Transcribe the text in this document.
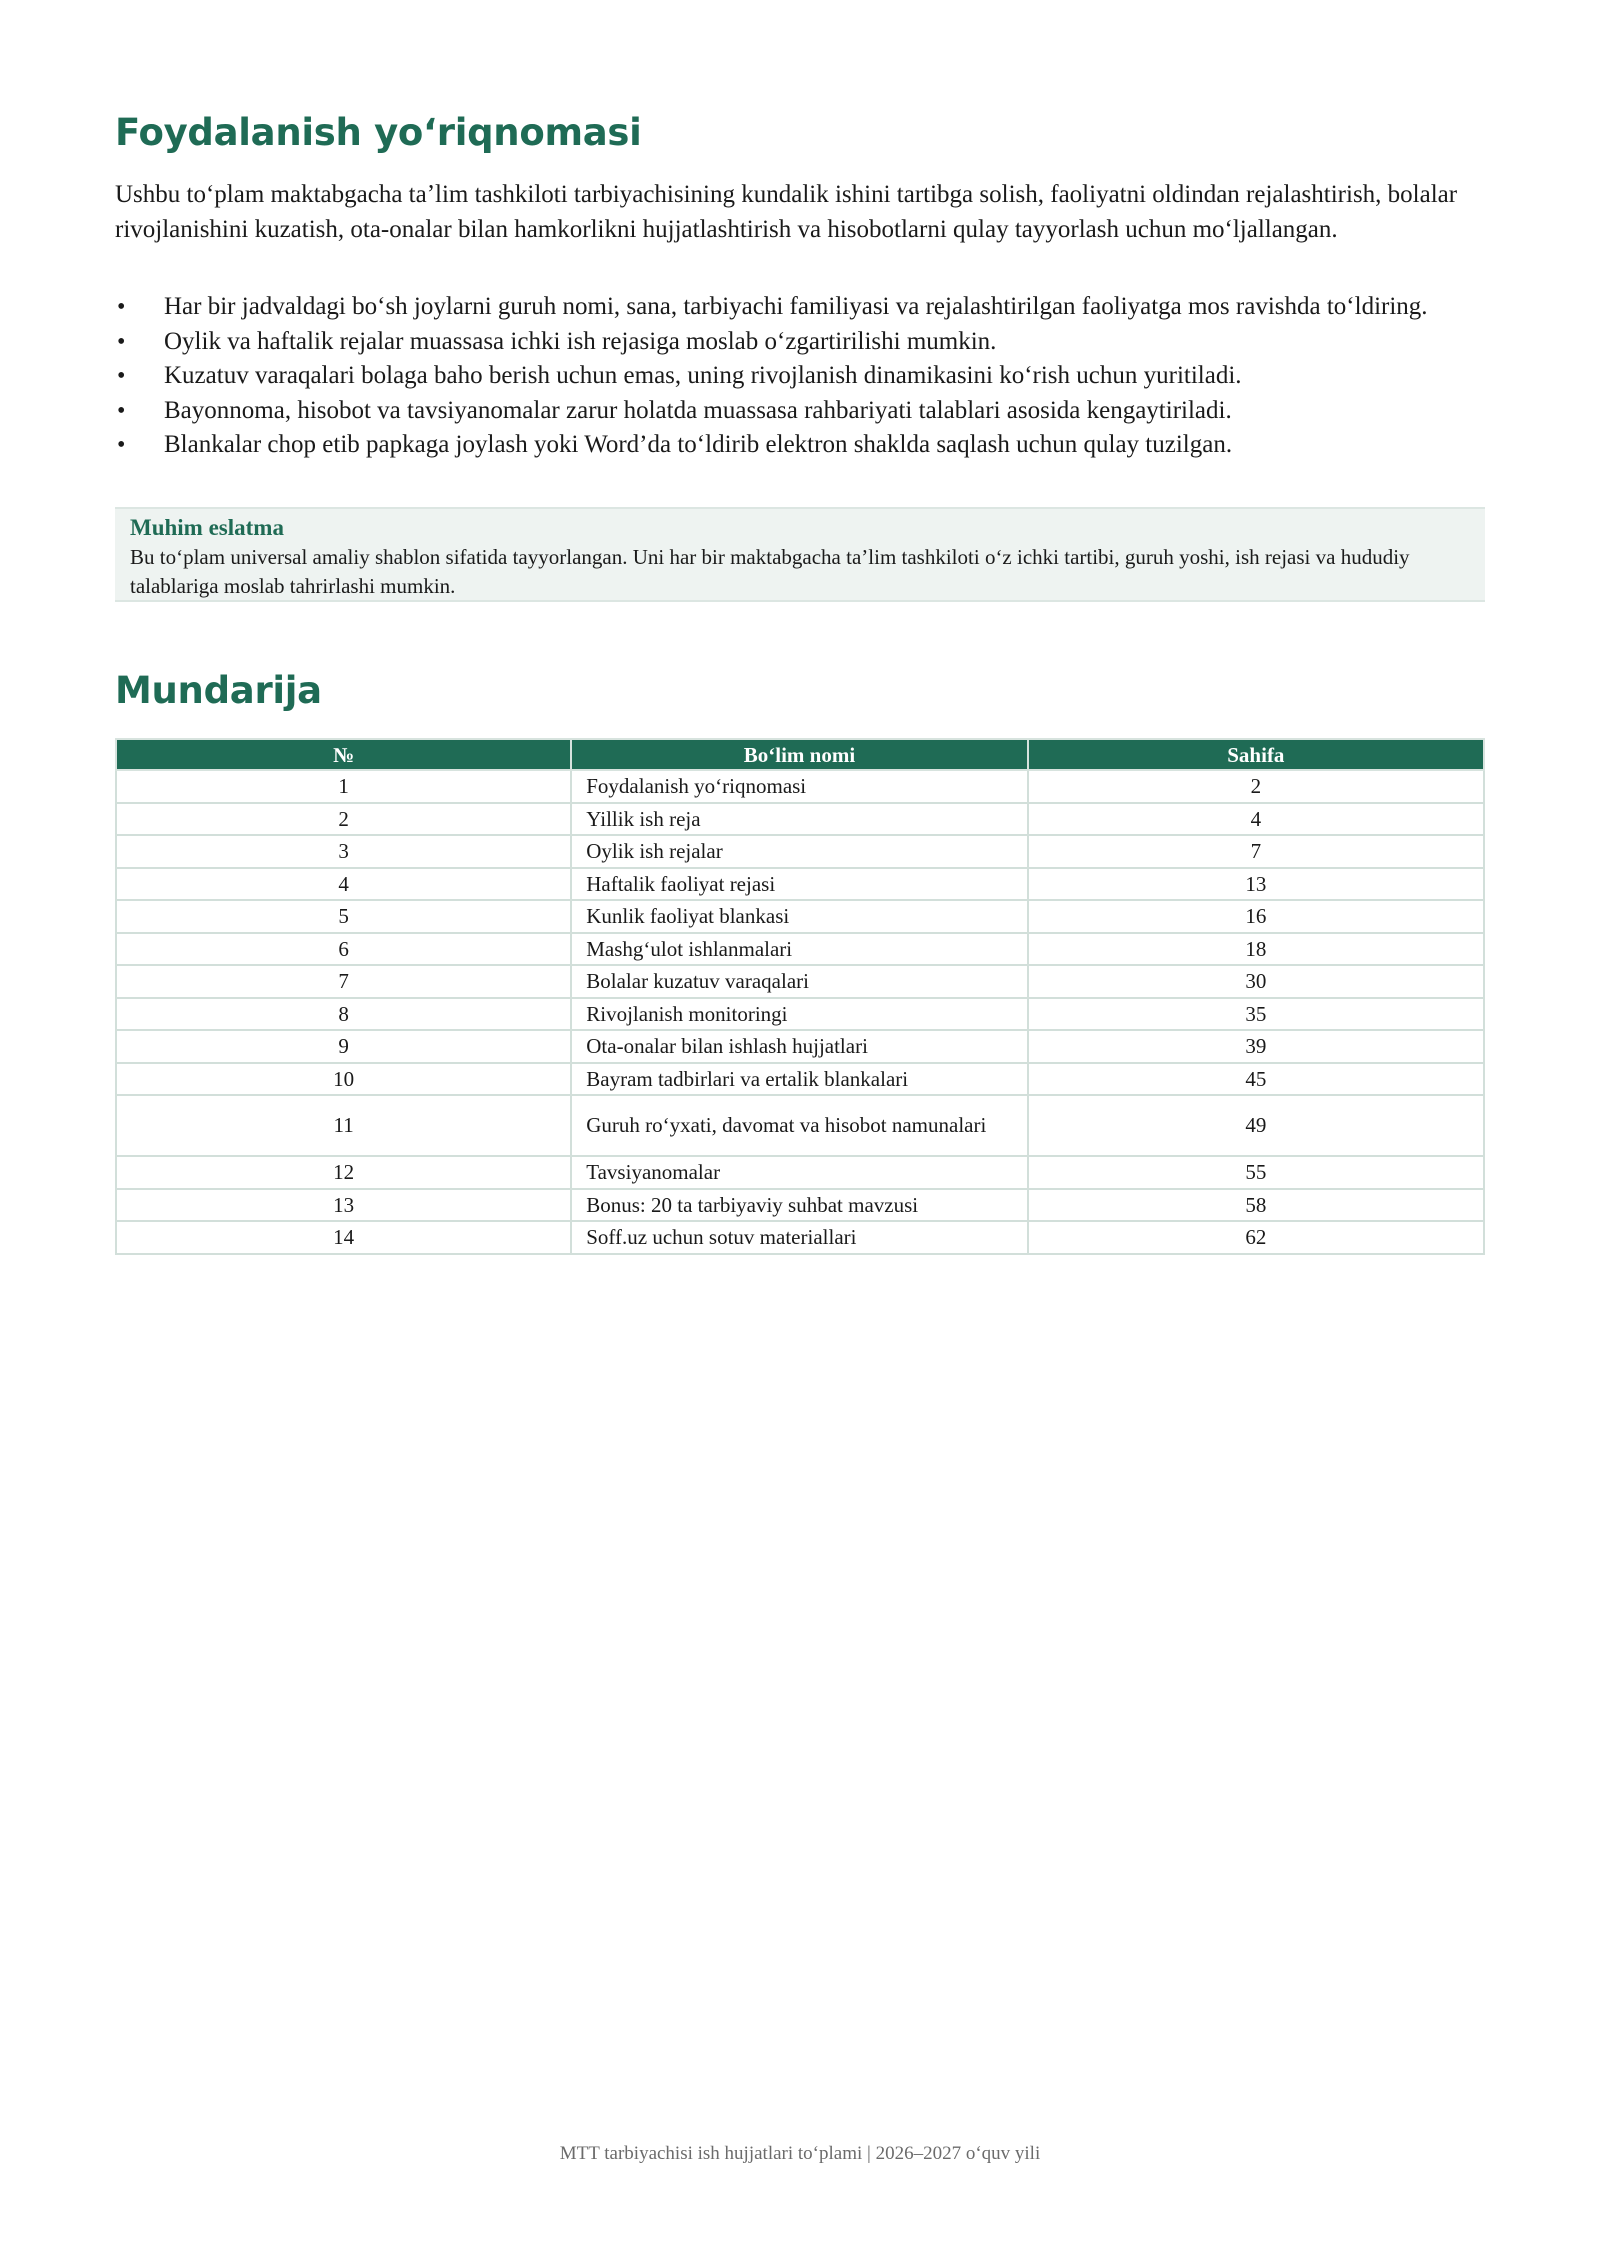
Foydalanish yoʻriqnomasi

Ushbu toʻplam maktabgacha taʼlim tashkiloti tarbiyachisining kundalik ishini tartibga solish, faoliyatni oldindan rejalashtirish, bolalar rivojlanishini kuzatish, ota-onalar bilan hamkorlikni hujjatlashtirish va hisobotlarni qulay tayyorlash uchun moʻljallangan.

• Har bir jadvaldagi boʻsh joylarni guruh nomi, sana, tarbiyachi familiyasi va rejalashtirilgan faoliyatga mos ravishda toʻldiring.
• Oylik va haftalik rejalar muassasa ichki ish rejasiga moslab oʻzgartirilishi mumkin.
• Kuzatuv varaqalari bolaga baho berish uchun emas, uning rivojlanish dinamikasini koʻrish uchun yuritiladi.
• Bayonnoma, hisobot va tavsiyanomalar zarur holatda muassasa rahbariyati talablari asosida kengaytiriladi.
• Blankalar chop etib papkaga joylash yoki Word’da toʻldirib elektron shaklda saqlash uchun qulay tuzilgan.
Muhim eslatma
Bu toʻplam universal amaliy shablon sifatida tayyorlangan. Uni har bir maktabgacha taʼlim tashkiloti oʻz ichki tartibi, guruh yoshi, ish rejasi va hududiy talablariga moslab tahrirlashi mumkin.
Mundarija
№	Boʻlim nomi	Sahifa
1	Foydalanish yoʻriqnomasi	2
2	Yillik ish reja	4
3	Oylik ish rejalar	7
4	Haftalik faoliyat rejasi	13
5	Kunlik faoliyat blankasi	16
6	Mashgʻulot ishlanmalari	18
7	Bolalar kuzatuv varaqalari	30
8	Rivojlanish monitoringi	35
9	Ota-onalar bilan ishlash hujjatlari	39
10	Bayram tadbirlari va ertalik blankalari	45
11	Guruh roʻyxati, davomat va hisobot namunalari	49
12	Tavsiyanomalar	55
13	Bonus: 20 ta tarbiyaviy suhbat mavzusi	58
14	Soff.uz uchun sotuv materiallari	62
MTT tarbiyachisi ish hujjatlari toʻplami | 2026–2027 oʻquv yili
